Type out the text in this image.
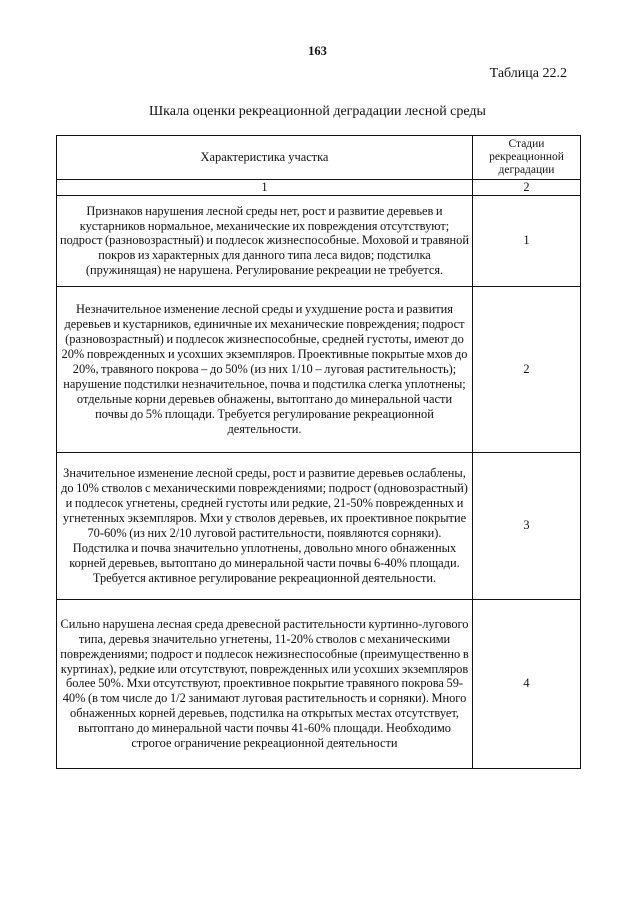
163
Таблица 22.2
Шкала оценки рекреационной деградации лесной среды
Характеристика участка	Стадии рекреационной деградации
1	2
Признаков нарушения лесной среды нет, рост и развитие деревьев и кустарников нормальное, механические их повреждения отсутствуют; подрост (разновозрастный) и подлесок жизнеспособные. Моховой и травяной покров из характерных для данного типа леса видов; подстилка (пружинящая) не нарушена. Регулирование рекреации не требуется.	1
Незначительное изменение лесной среды и ухудшение роста и развития деревьев и кустарников, единичные их механические повреждения; подрост (разновозрастный) и подлесок жизнеспособные, средней густоты, имеют до 20% поврежденных и усохших экземпляров. Проективные покрытые мхов до 20%, травяного покрова – до 50% (из них 1/10 – луговая растительность); нарушение подстилки незначительное, почва и подстилка слегка уплотнены; отдельные корни деревьев обнажены, вытоптано до минеральной части почвы до 5% площади. Требуется регулирование рекреационной деятельности.	2
Значительное изменение лесной среды, рост и развитие деревьев ослаблены, до 10% стволов с механическими повреждениями; подрост (одновозрастный) и подлесок угнетены, средней густоты или редкие, 21-50% поврежденных и угнетенных экземпляров. Мхи у стволов деревьев, их проективное покрытие 70-60% (из них 2/10 луговой растительности, появляются сорняки). Подстилка и почва значительно уплотнены, довольно много обнаженных корней деревьев, вытоптано до минеральной части почвы 6-40% площади. Требуется активное регулирование рекреационной деятельности.	3
Сильно нарушена лесная среда древесной растительности куртинно-лугового типа, деревья значительно угнетены, 11-20% стволов с механическими повреждениями; подрост и подлесок нежизнеспособные (преимущественно в куртинах), редкие или отсутствуют, поврежденных или усохших экземпляров более 50%. Мхи отсутствуют, проективное покрытие травяного покрова 59-40% (в том числе до 1/2 занимают луговая растительность и сорняки). Много обнаженных корней деревьев, подстилка на открытых местах отсутствует, вытоптано до минеральной части почвы 41-60% площади. Необходимо строгое ограничение рекреационной деятельности	4
